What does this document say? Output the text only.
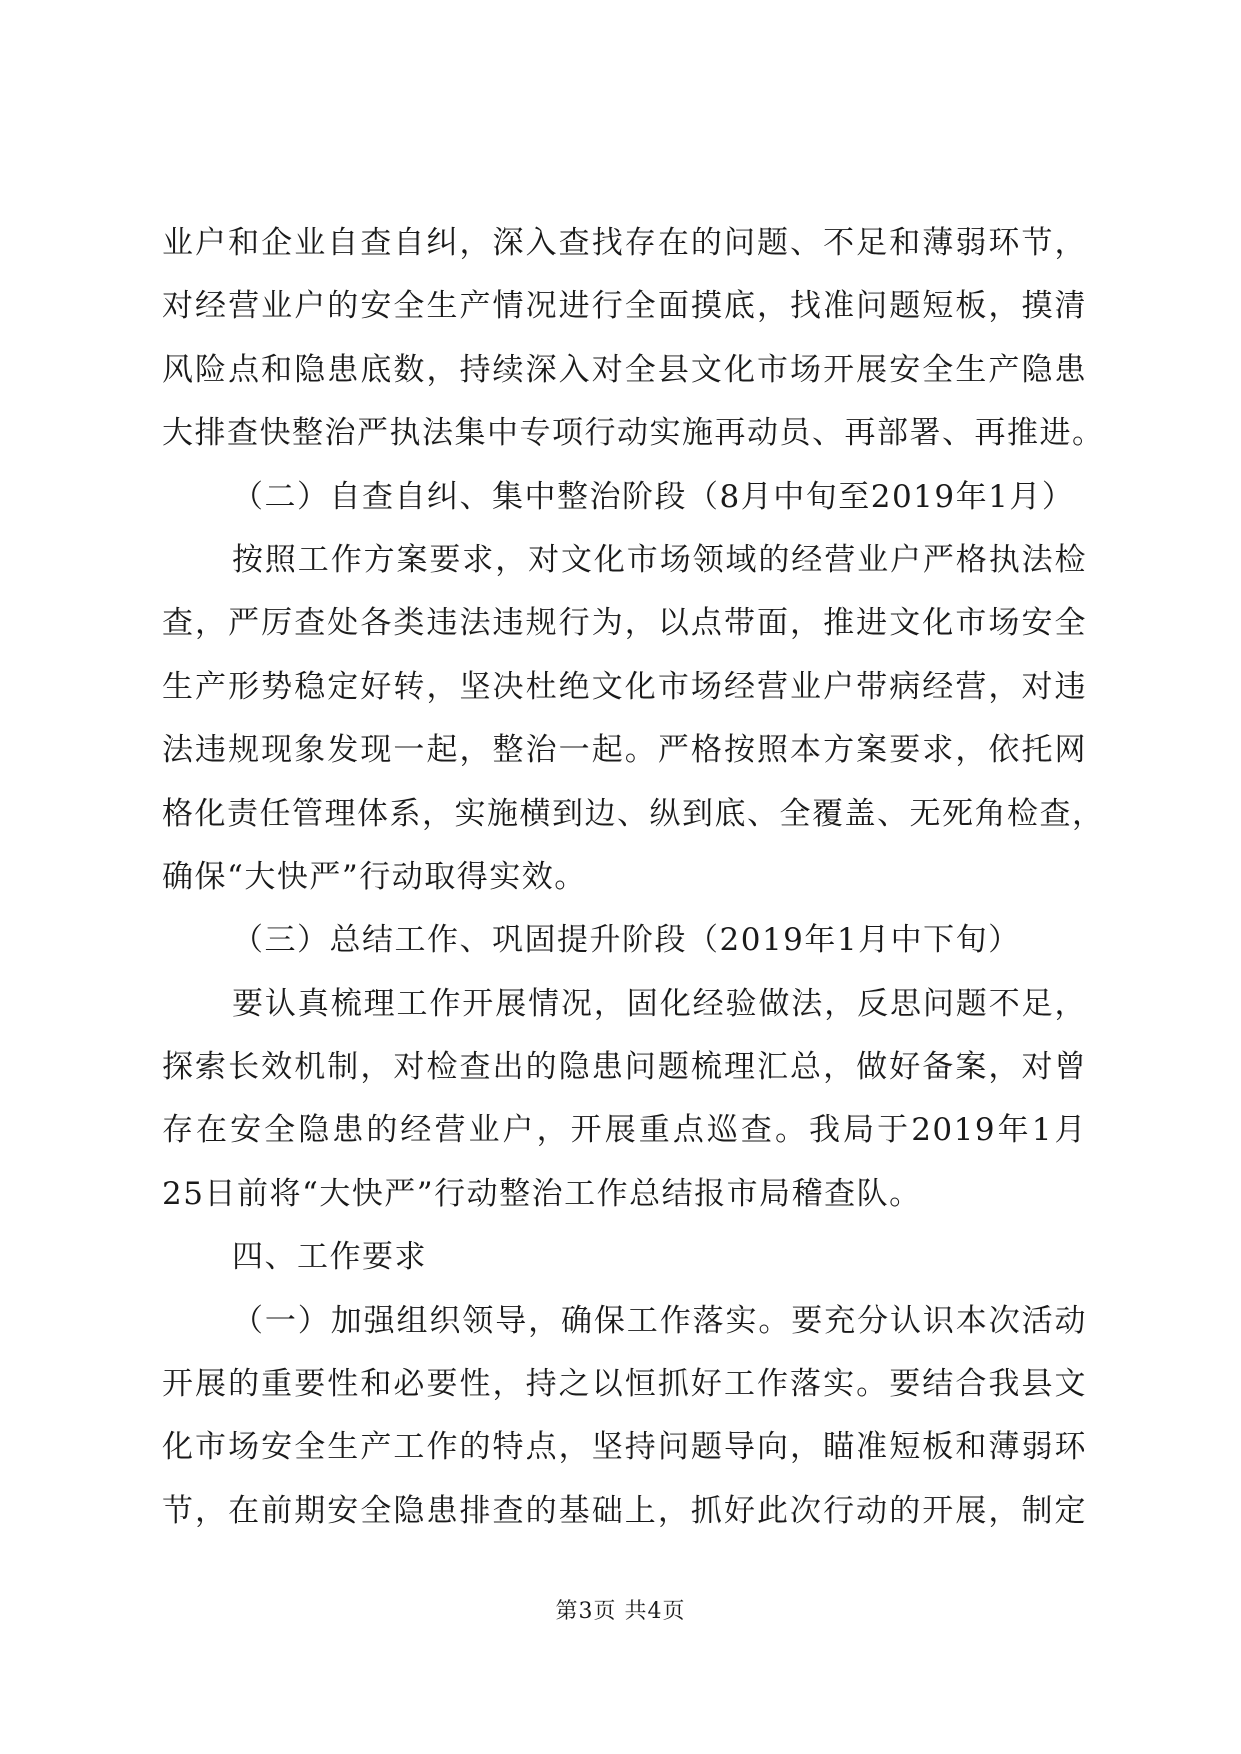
业户和企业自查自纠，深入查找存在的问题、不足和薄弱环节，
对经营业户的安全生产情况进行全面摸底，找准问题短板，摸清
风险点和隐患底数，持续深入对全县文化市场开展安全生产隐患
大排查快整治严执法集中专项行动实施再动员、再部署、再推进。
（二）自查自纠、集中整治阶段（8月中旬至2019年1月）
按照工作方案要求，对文化市场领域的经营业户严格执法检
查，严厉查处各类违法违规行为，以点带面，推进文化市场安全
生产形势稳定好转，坚决杜绝文化市场经营业户带病经营，对违
法违规现象发现一起，整治一起。严格按照本方案要求，依托网
格化责任管理体系，实施横到边、纵到底、全覆盖、无死角检查，
确保“大快严”行动取得实效。
（三）总结工作、巩固提升阶段（2019年1月中下旬）
要认真梳理工作开展情况，固化经验做法，反思问题不足，
探索长效机制，对检查出的隐患问题梳理汇总，做好备案，对曾
存在安全隐患的经营业户，开展重点巡查。我局于2019年1月
25日前将“大快严”行动整治工作总结报市局稽查队。
四、工作要求
（一）加强组织领导，确保工作落实。要充分认识本次活动
开展的重要性和必要性，持之以恒抓好工作落实。要结合我县文
化市场安全生产工作的特点，坚持问题导向，瞄准短板和薄弱环
节，在前期安全隐患排查的基础上，抓好此次行动的开展，制定
第3页 共4页
